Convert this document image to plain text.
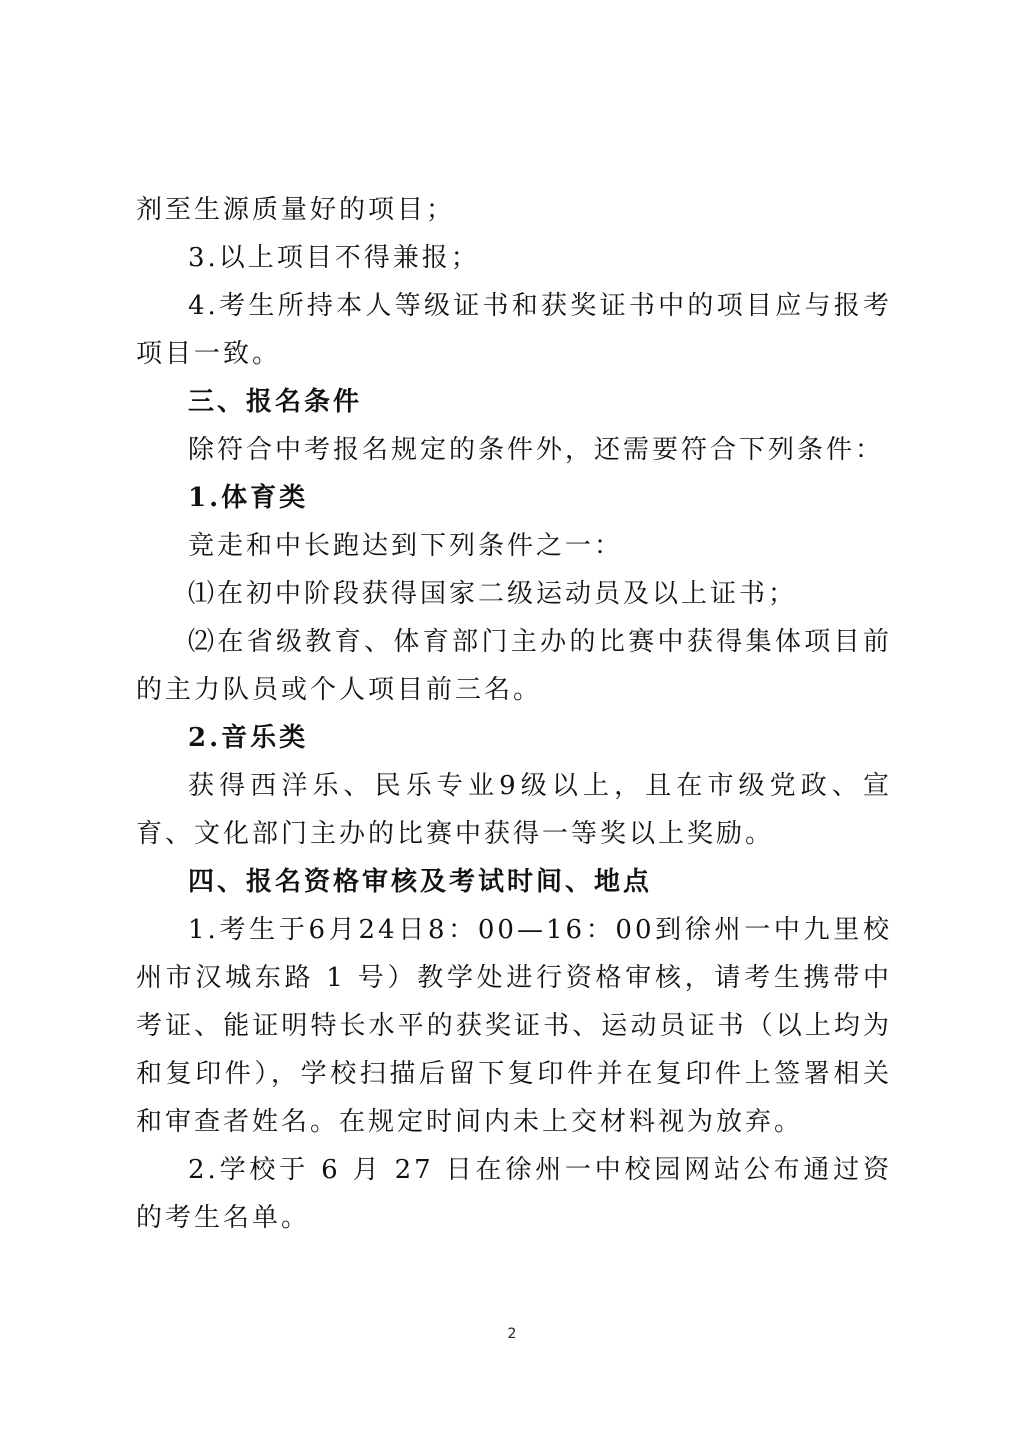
剂至生源质量好的项目；
3.以上项目不得兼报；
4.考生所持本人等级证书和获奖证书中的项目应与报考
项目一致。
三、报名条件
除符合中考报名规定的条件外，还需要符合下列条件：
1.体育类
竞走和中长跑达到下列条件之一：
⑴在初中阶段获得国家二级运动员及以上证书；
⑵在省级教育、体育部门主办的比赛中获得集体项目前
的主力队员或个人项目前三名。
2.音乐类
获得西洋乐、民乐专业9级以上，且在市级党政、宣
育、文化部门主办的比赛中获得一等奖以上奖励。
四、报名资格审核及考试时间、地点
1.考生于6月24日8：00—16：00到徐州一中九里校
州市汉城东路 1 号）教学处进行资格审核，请考生携带中
考证、能证明特长水平的获奖证书、运动员证书（以上均为
和复印件），学校扫描后留下复印件并在复印件上签署相关
和审查者姓名。在规定时间内未上交材料视为放弃。
2.学校于 6 月 27 日在徐州一中校园网站公布通过资
的考生名单。
2
